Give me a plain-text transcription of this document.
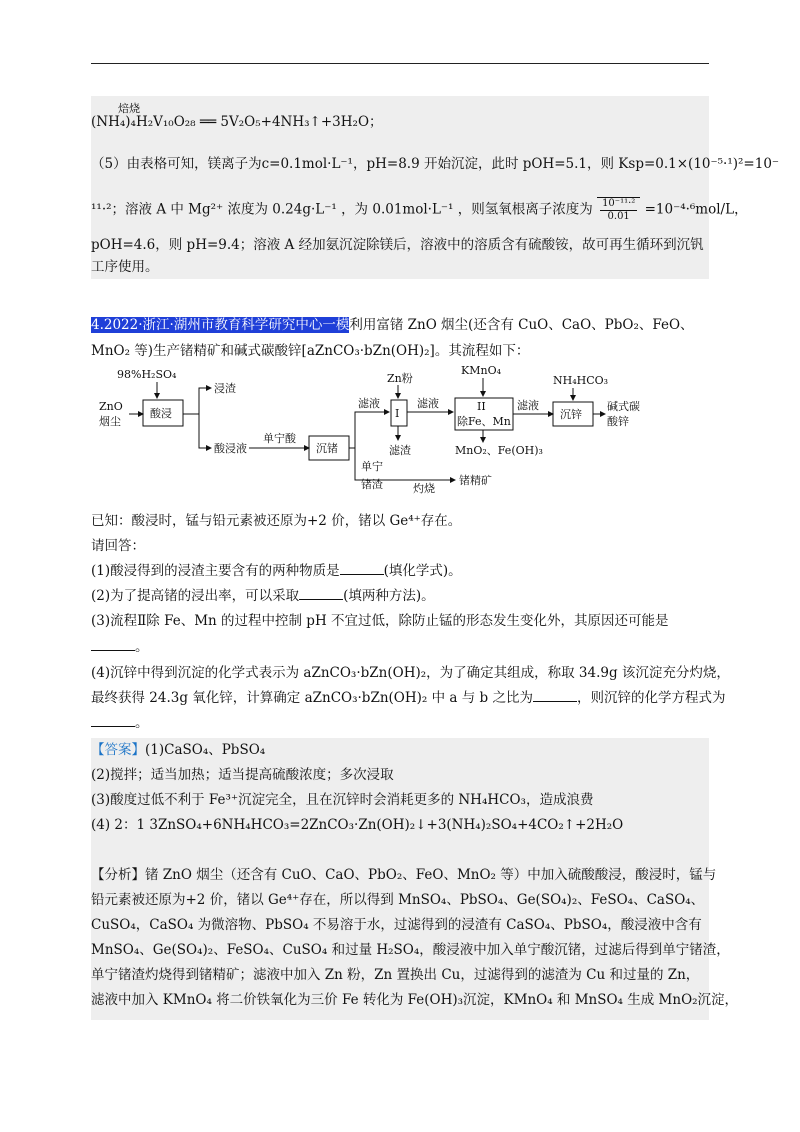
焙烧
(NH₄)₄H₂V₁₀O₂₈ ══ 5V₂O₅+4NH₃↑+3H₂O；
（5）由表格可知，镁离子为c=0.1mol·L⁻¹，pH=8.9 开始沉淀，此时 pOH=5.1，则 Ksp=0.1×(10⁻⁵·¹)²=10⁻
¹¹·²；溶液 A 中 Mg²⁺ 浓度为 0.24g·L⁻¹ ，为 0.01mol·L⁻¹ ，则氢氧根离子浓度为 $\frac{\text{10⁻¹¹·²}}{0.01} =10^{-4}\cdot^6mol/L$，
pOH=4.6，则 pH=9.4；溶液 A 经加氨沉淀除镁后，溶液中的溶质含有硫酸铵，故可再生循环到沉钒
工序使用。
4.2022·浙江·湖州市教育科学研究中心一模利用富锗 ZnO 烟尘(还含有 CuO、CaO、PbO₂、FeO、
MnO₂ 等)生产锗精矿和碱式碳酸锌[aZnCO₃·bZn(OH)₂]。其流程如下：
ZnO
烟尘
98%H₂SO₄
酸浸
浸渣
酸浸液
单宁酸
沉锗
滤液
Zn粉
I
滤渣
滤液
KMnO₄
II
除Fe、Mn
MnO₂、Fe(OH)₃
滤液
NH₄HCO₃
沉锌
碱式碳
酸锌
单宁
锗渣	灼烧
锗精矿
已知：酸浸时，锰与铅元素被还原为+2 价，锗以 Ge⁴⁺存在。
请回答：
(1)酸浸得到的浸渣主要含有的两种物质是	(填化学式)。
(2)为了提高锗的浸出率，可以采取	(填两种方法)。
(3)流程Ⅱ除 Fe、Mn 的过程中控制 pH 不宜过低，除防止锰的形态发生变化外，其原因还可能是
。
(4)沉锌中得到沉淀的化学式表示为 aZnCO₃·bZn(OH)₂，为了确定其组成，称取 34.9g 该沉淀充分灼烧，
最终获得 24.3g 氧化锌，计算确定 aZnCO₃·bZn(OH)₂ 中 a 与 b 之比为	，则沉锌的化学方程式为
。
【答案】(1)CaSO₄、PbSO₄
(2)搅拌；适当加热；适当提高硫酸浓度；多次浸取
(3)酸度过低不利于 Fe³⁺沉淀完全，且在沉锌时会消耗更多的 NH₄HCO₃，造成浪费
(4) 2：1 3ZnSO₄+6NH₄HCO₃=2ZnCO₃·Zn(OH)₂↓+3(NH₄)₂SO₄+4CO₂↑+2H₂O
【分析】锗 ZnO 烟尘（还含有 CuO、CaO、PbO₂、FeO、MnO₂ 等）中加入硫酸酸浸，酸浸时，锰与
铅元素被还原为+2 价，锗以 Ge⁴⁺存在，所以得到 MnSO₄、PbSO₄、Ge(SO₄)₂、FeSO₄、CaSO₄、
CuSO₄，CaSO₄ 为微溶物、PbSO₄ 不易溶于水，过滤得到的浸渣有 CaSO₄、PbSO₄，酸浸液中含有
MnSO₄、Ge(SO₄)₂、FeSO₄、CuSO₄ 和过量 H₂SO₄，酸浸液中加入单宁酸沉锗，过滤后得到单宁锗渣，
单宁锗渣灼烧得到锗精矿；滤液中加入 Zn 粉，Zn 置换出 Cu，过滤得到的滤渣为 Cu 和过量的 Zn，
滤液中加入 KMnO₄ 将二价铁氧化为三价 Fe 转化为 Fe(OH)₃沉淀，KMnO₄ 和 MnSO₄ 生成 MnO₂沉淀，
